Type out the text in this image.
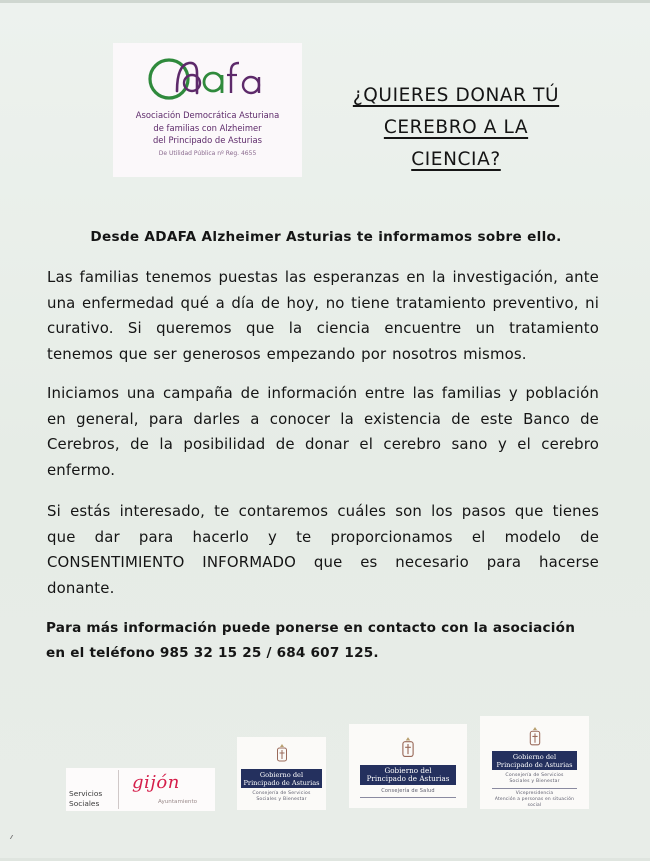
Asociación Democrática Asturiana
de familias con Alzheimer
del Principado de Asturias
De Utilidad Pública nº Reg. 4655
¿QUIERES DONAR TÚ
CEREBRO A LA
CIENCIA?
Desde ADAFA Alzheimer Asturias te informamos sobre ello.
Las familias tenemos puestas las esperanzas en la investigación, ante una enfermedad qué a día de hoy, no tiene tratamiento preventivo, ni curativo. Si queremos que la ciencia encuentre un tratamiento tenemos que ser generosos empezando por nosotros mismos.
Iniciamos una campaña de información entre las familias y población en general, para darles a conocer la existencia de este Banco de Cerebros, de la posibilidad de donar el cerebro sano y el cerebro enfermo.
Si estás interesado, te contaremos cuáles son los pasos que tienes que dar para hacerlo y te proporcionamos el modelo de CONSENTIMIENTO INFORMADO que es necesario para hacerse donante.
Para más información puede ponerse en contacto con la asociación
en el teléfono 985 32 15 25 / 684 607 125.
Servicios
Sociales
gijón
Ayuntamiento
Gobierno del
Principado de Asturias
Consejería de Servicios
Sociales y Bienestar
Gobierno del
Principado de Asturias
Consejería de Salud
Gobierno del
Principado de Asturias
Consejería de Servicios
Sociales y Bienestar
Vicepresidencia
Atención a personas en situación social
